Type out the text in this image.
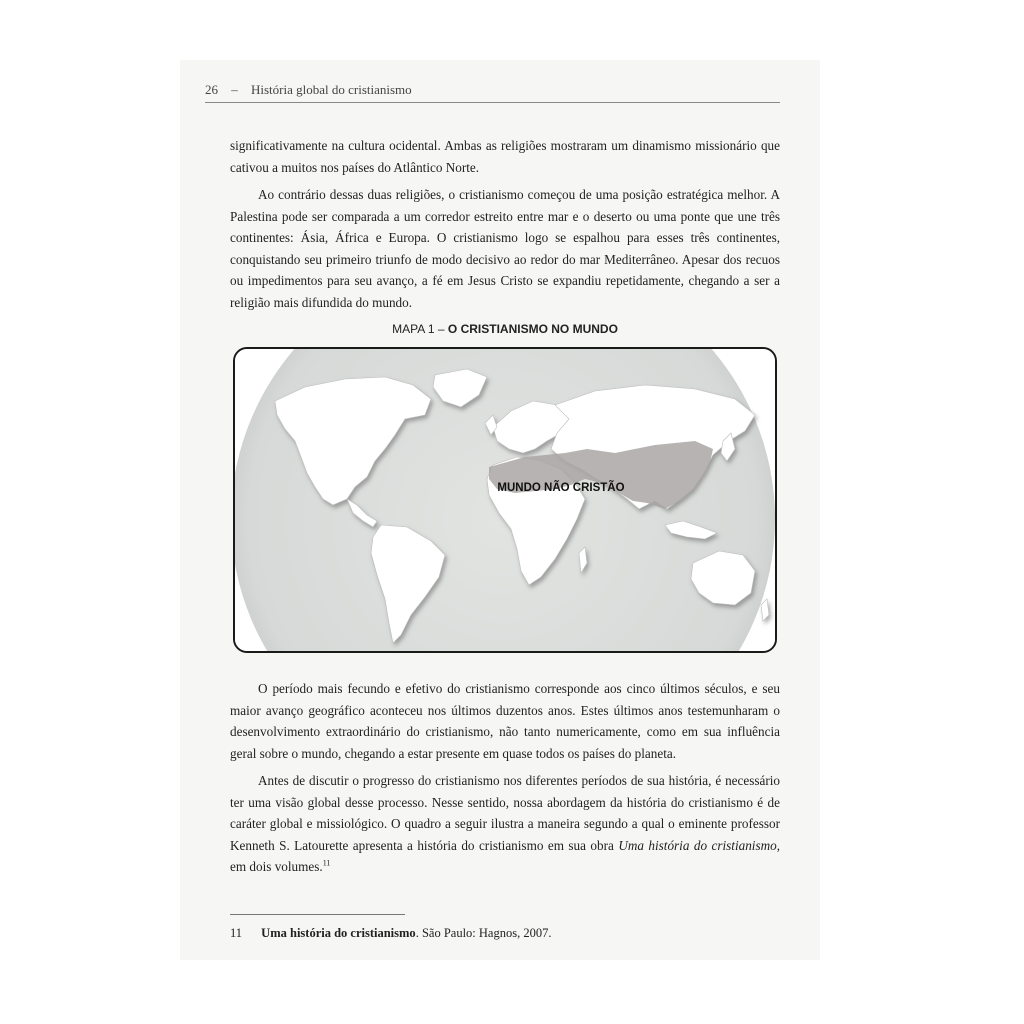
26 – História global do cristianismo

significativamente na cultura ocidental. Ambas as religiões mostraram um dinamismo missionário que cativou a muitos nos países do Atlântico Norte.

Ao contrário dessas duas religiões, o cristianismo começou de uma posição estratégica melhor. A Palestina pode ser comparada a um corredor estreito entre mar e o deserto ou uma ponte que une três continentes: Ásia, África e Europa. O cristianismo logo se espalhou para esses três continentes, conquistando seu primeiro triunfo de modo decisivo ao redor do mar Mediterrâneo. Apesar dos recuos ou impedimentos para seu avanço, a fé em Jesus Cristo se expandiu repetidamente, chegando a ser a religião mais difundida do mundo.

MAPA 1 – O CRISTIANISMO NO MUNDO
MUNDO NÃO CRISTÃO

O período mais fecundo e efetivo do cristianismo corresponde aos cinco últimos séculos, e seu maior avanço geográfico aconteceu nos últimos duzentos anos. Estes últimos anos testemunharam o desenvolvimento extraordinário do cristianismo, não tanto numericamente, como em sua influência geral sobre o mundo, chegando a estar presente em quase todos os países do planeta.

Antes de discutir o progresso do cristianismo nos diferentes períodos de sua história, é necessário ter uma visão global desse processo. Nesse sentido, nossa abordagem da história do cristianismo é de caráter global e missiológico. O quadro a seguir ilustra a maneira segundo a qual o eminente professor Kenneth S. Latourette apresenta a história do cristianismo em sua obra Uma história do cristianismo, em dois volumes.$^{11}$

11 Uma história do cristianismo. São Paulo: Hagnos, 2007.
